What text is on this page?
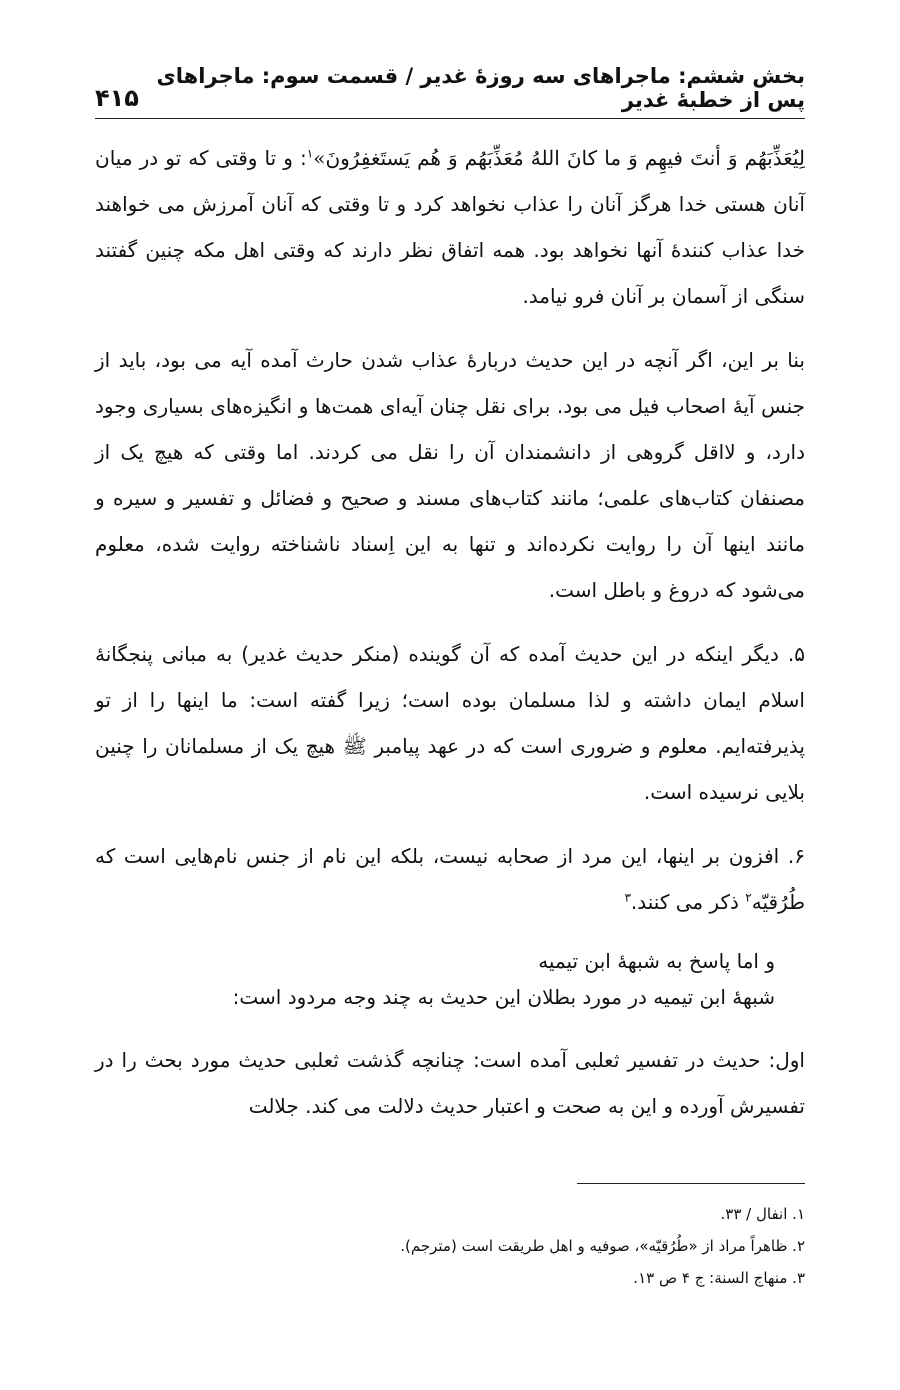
بخش ششم: ماجراهای سه روزهٔ غدیر / قسمت سوم: ماجراهای پس از خطبهٔ غدیر
۴۱۵

لِيُعَذِّبَهُم وَ أنتَ فيهِم وَ ما كانَ اللهُ مُعَذِّبَهُم وَ هُم يَستَغفِرُونَ»$^۱$: و تا وقتی که تو در میان آنان هستی خدا هرگز آنان را عذاب نخواهد کرد و تا وقتی که آنان آمرزش می خواهند خدا عذاب کنندهٔ آنها نخواهد بود. همه اتفاق نظر دارند که وقتی اهل مکه چنین گفتند سنگی از آسمان بر آنان فرو نیامد.

بنا بر این، اگر آنچه در این حدیث دربارهٔ عذاب شدن حارث آمده آیه می بود، باید از جنس آیهٔ اصحاب فیل می بود. برای نقل چنان آیه‌ای همت‌ها و انگیزه‌های بسیاری وجود دارد، و لااقل گروهی از دانشمندان آن را نقل می کردند. اما وقتی که هیچ یک از مصنفان کتاب‌های علمی؛ مانند کتاب‌های مسند و صحیح و فضائل و تفسیر و سیره و مانند اینها آن را روایت نکرده‌اند و تنها به این اِسناد ناشناخته روایت شده، معلوم می‌شود که دروغ و باطل است.

۵. دیگر اینکه در این حدیث آمده که آن گوینده (منکر حدیث غدیر) به مبانی پنجگانهٔ اسلام ایمان داشته و لذا مسلمان بوده است؛ زیرا گفته است: ما اینها را از تو پذیرفته‌ایم. معلوم و ضروری است که در عهد پیامبر ﷺ هیچ یک از مسلمانان را چنین بلایی نرسیده است.

۶. افزون بر اینها، این مرد از صحابه نیست، بلکه این نام از جنس نام‌هایی است که طُرُقیّه$^۲$ ذکر می کنند.$^۳$

و اما پاسخ به شبههٔ ابن تیمیه
شبههٔ ابن تیمیه در مورد بطلان این حدیث به چند وجه مردود است:

اول: حدیث در تفسیر ثعلبی آمده است: چنانچه گذشت ثعلبی حدیث مورد بحث را در تفسیرش آورده و این به صحت و اعتبار حدیث دلالت می کند. جلالت

۱. انفال / ۳۳.
۲. ظاهراً مراد از «طُرُقیّه»، صوفیه و اهل طریقت است (مترجم).
۳. منهاج السنة: ج ۴ ص ۱۳.
